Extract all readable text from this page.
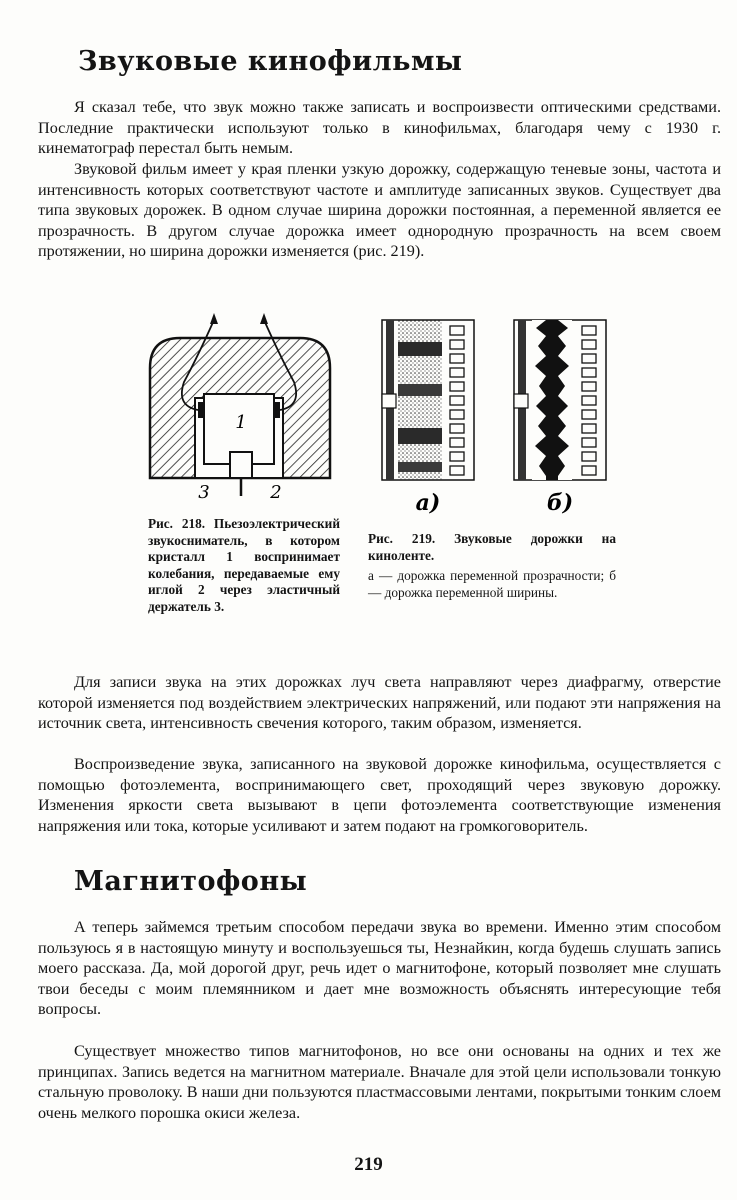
Звуковые кинофильмы

Я сказал тебе, что звук можно также записать и воспроизвести оптическими средствами. Последние практически используют только в кинофильмах, благодаря чему с 1930 г. кинематограф перестал быть немым.

Звуковой фильм имеет у края пленки узкую дорожку, содержащую теневые зоны, частота и интенсивность которых соответствуют частоте и амплитуде записанных звуков. Существует два типа звуковых дорожек. В одном случае ширина дорожки постоянная, а переменной является ее прозрачность. В другом случае дорожка имеет однородную прозрачность на всем своем протяжении, но ширина дорожки изменяется (рис. 219).

1
3	2	а)	б)

Рис. 218. Пьезоэлектрический звукосниматель, в котором кристалл 1 воспринимает колебания, передаваемые ему иглой 2 через эластичный держатель 3.

Рис. 219. Звуковые дорожки на киноленте.
а — дорожка переменной прозрачности; б — дорожка переменной ширины.

Для записи звука на этих дорожках луч света направляют через диафрагму, отверстие которой изменяется под воздействием электрических напряжений, или подают эти напряжения на источник света, интенсивность свечения которого, таким образом, изменяется.

Воспроизведение звука, записанного на звуковой дорожке кинофильма, осуществляется с помощью фотоэлемента, воспринимающего свет, проходящий через звуковую дорожку. Изменения яркости света вызывают в цепи фотоэлемента соответствующие изменения напряжения или тока, которые усиливают и затем подают на громкоговоритель.

Магнитофоны

А теперь займемся третьим способом передачи звука во времени. Именно этим способом пользуюсь я в настоящую минуту и воспользуешься ты, Незнайкин, когда будешь слушать запись моего рассказа. Да, мой дорогой друг, речь идет о магнитофоне, который позволяет мне слушать твои беседы с моим племянником и дает мне возможность объяснять интересующие тебя вопросы.

Существует множество типов магнитофонов, но все они основаны на одних и тех же принципах. Запись ведется на магнитном материале. Вначале для этой цели использовали тонкую стальную проволоку. В наши дни пользуются пластмассовыми лентами, покрытыми тонким слоем очень мелкого порошка окиси железа.

219
